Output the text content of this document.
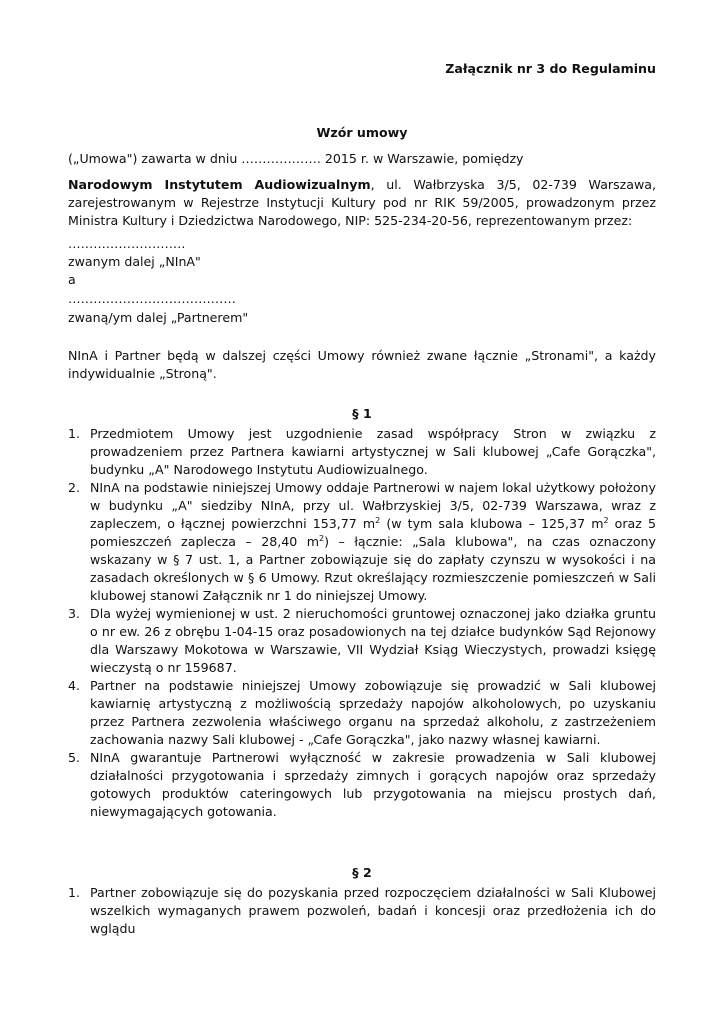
Załącznik nr 3 do Regulaminu
Wzór umowy
(„Umowa") zawarta w dniu ………………. 2015 r. w Warszawie, pomiędzy
Narodowym Instytutem Audiowizualnym, ul. Wałbrzyska 3/5, 02-739 Warszawa, zarejestrowanym w Rejestrze Instytucji Kultury pod nr RIK 59/2005, prowadzonym przez Ministra Kultury i Dziedzictwa Narodowego, NIP: 525-234-20-56, reprezentowanym przez:
……………………….
zwanym dalej „NInA"
a
………………………………….
zwaną/ym dalej „Partnerem"
NInA i Partner będą w dalszej części Umowy również zwane łącznie „Stronami", a każdy indywidualnie „Stroną".
§ 1
1. Przedmiotem Umowy jest uzgodnienie zasad współpracy Stron w związku z prowadzeniem przez Partnera kawiarni artystycznej w Sali klubowej „Cafe Gorączka", budynku „A" Narodowego Instytutu Audiowizualnego.
2. NInA na podstawie niniejszej Umowy oddaje Partnerowi w najem lokal użytkowy położony w budynku „A" siedziby NInA, przy ul. Wałbrzyskiej 3/5, 02-739 Warszawa, wraz z zapleczem, o łącznej powierzchni 153,77 $m^2$ (w tym sala klubowa – 125,37 $m^2$ oraz 5 pomieszczeń zaplecza – 28,40 $m^2$) – łącznie: „Sala klubowa", na czas oznaczony wskazany w § 7 ust. 1, a Partner zobowiązuje się do zapłaty czynszu w wysokości i na zasadach określonych w § 6 Umowy. Rzut określający rozmieszczenie pomieszczeń w Sali klubowej stanowi Załącznik nr 1 do niniejszej Umowy.
3. Dla wyżej wymienionej w ust. 2 nieruchomości gruntowej oznaczonej jako działka gruntu o nr ew. 26 z obrębu 1-04-15 oraz posadowionych na tej działce budynków Sąd Rejonowy dla Warszawy Mokotowa w Warszawie, VII Wydział Ksiąg Wieczystych, prowadzi księgę wieczystą o nr 159687.
4. Partner na podstawie niniejszej Umowy zobowiązuje się prowadzić w Sali klubowej kawiarnię artystyczną z możliwością sprzedaży napojów alkoholowych, po uzyskaniu przez Partnera zezwolenia właściwego organu na sprzedaż alkoholu, z zastrzeżeniem zachowania nazwy Sali klubowej - „Cafe Gorączka", jako nazwy własnej kawiarni.
5. NInA gwarantuje Partnerowi wyłączność w zakresie prowadzenia w Sali klubowej działalności przygotowania i sprzedaży zimnych i gorących napojów oraz sprzedaży gotowych produktów cateringowych lub przygotowania na miejscu prostych dań, niewymagających gotowania.
§ 2
1. Partner zobowiązuje się do pozyskania przed rozpoczęciem działalności w Sali Klubowej wszelkich wymaganych prawem pozwoleń, badań i koncesji oraz przedłożenia ich do wglądu
